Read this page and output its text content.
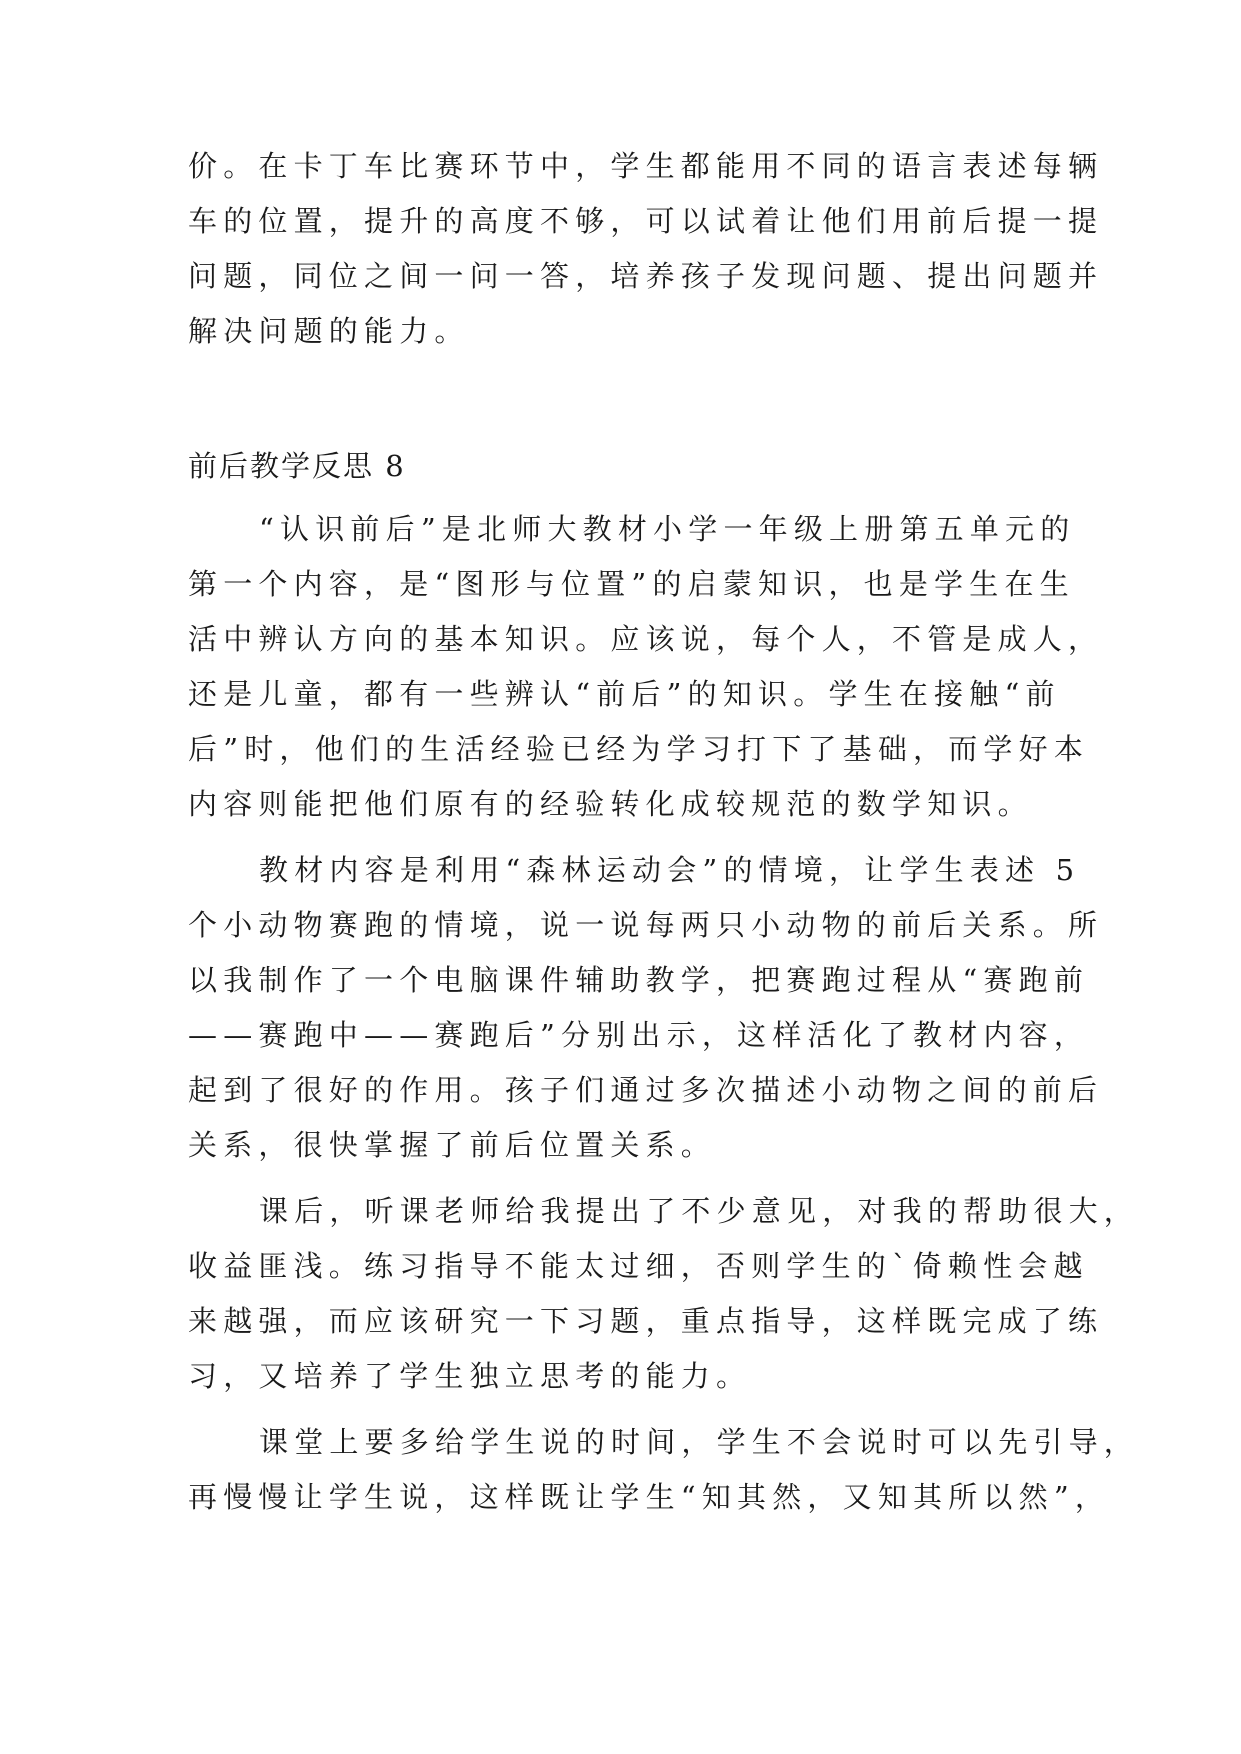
价。在卡丁车比赛环节中，学生都能用不同的语言表述每辆
车的位置，提升的高度不够，可以试着让他们用前后提一提
问题，同位之间一问一答，培养孩子发现问题、提出问题并
解决问题的能力。
前后教学反思 8
“认识前后”是北师大教材小学一年级上册第五单元的
第一个内容，是“图形与位置”的启蒙知识，也是学生在生
活中辨认方向的基本知识。应该说，每个人，不管是成人，
还是儿童，都有一些辨认“前后”的知识。学生在接触“前
后”时，他们的生活经验已经为学习打下了基础，而学好本
内容则能把他们原有的经验转化成较规范的数学知识。
教材内容是利用“森林运动会”的情境，让学生表述 5
个小动物赛跑的情境，说一说每两只小动物的前后关系。所
以我制作了一个电脑课件辅助教学，把赛跑过程从“赛跑前
——赛跑中——赛跑后”分别出示，这样活化了教材内容，
起到了很好的作用。孩子们通过多次描述小动物之间的前后
关系，很快掌握了前后位置关系。
课后，听课老师给我提出了不少意见，对我的帮助很大，
收益匪浅。练习指导不能太过细，否则学生的`倚赖性会越
来越强，而应该研究一下习题，重点指导，这样既完成了练
习，又培养了学生独立思考的能力。
课堂上要多给学生说的时间，学生不会说时可以先引导，
再慢慢让学生说，这样既让学生“知其然，又知其所以然”，
